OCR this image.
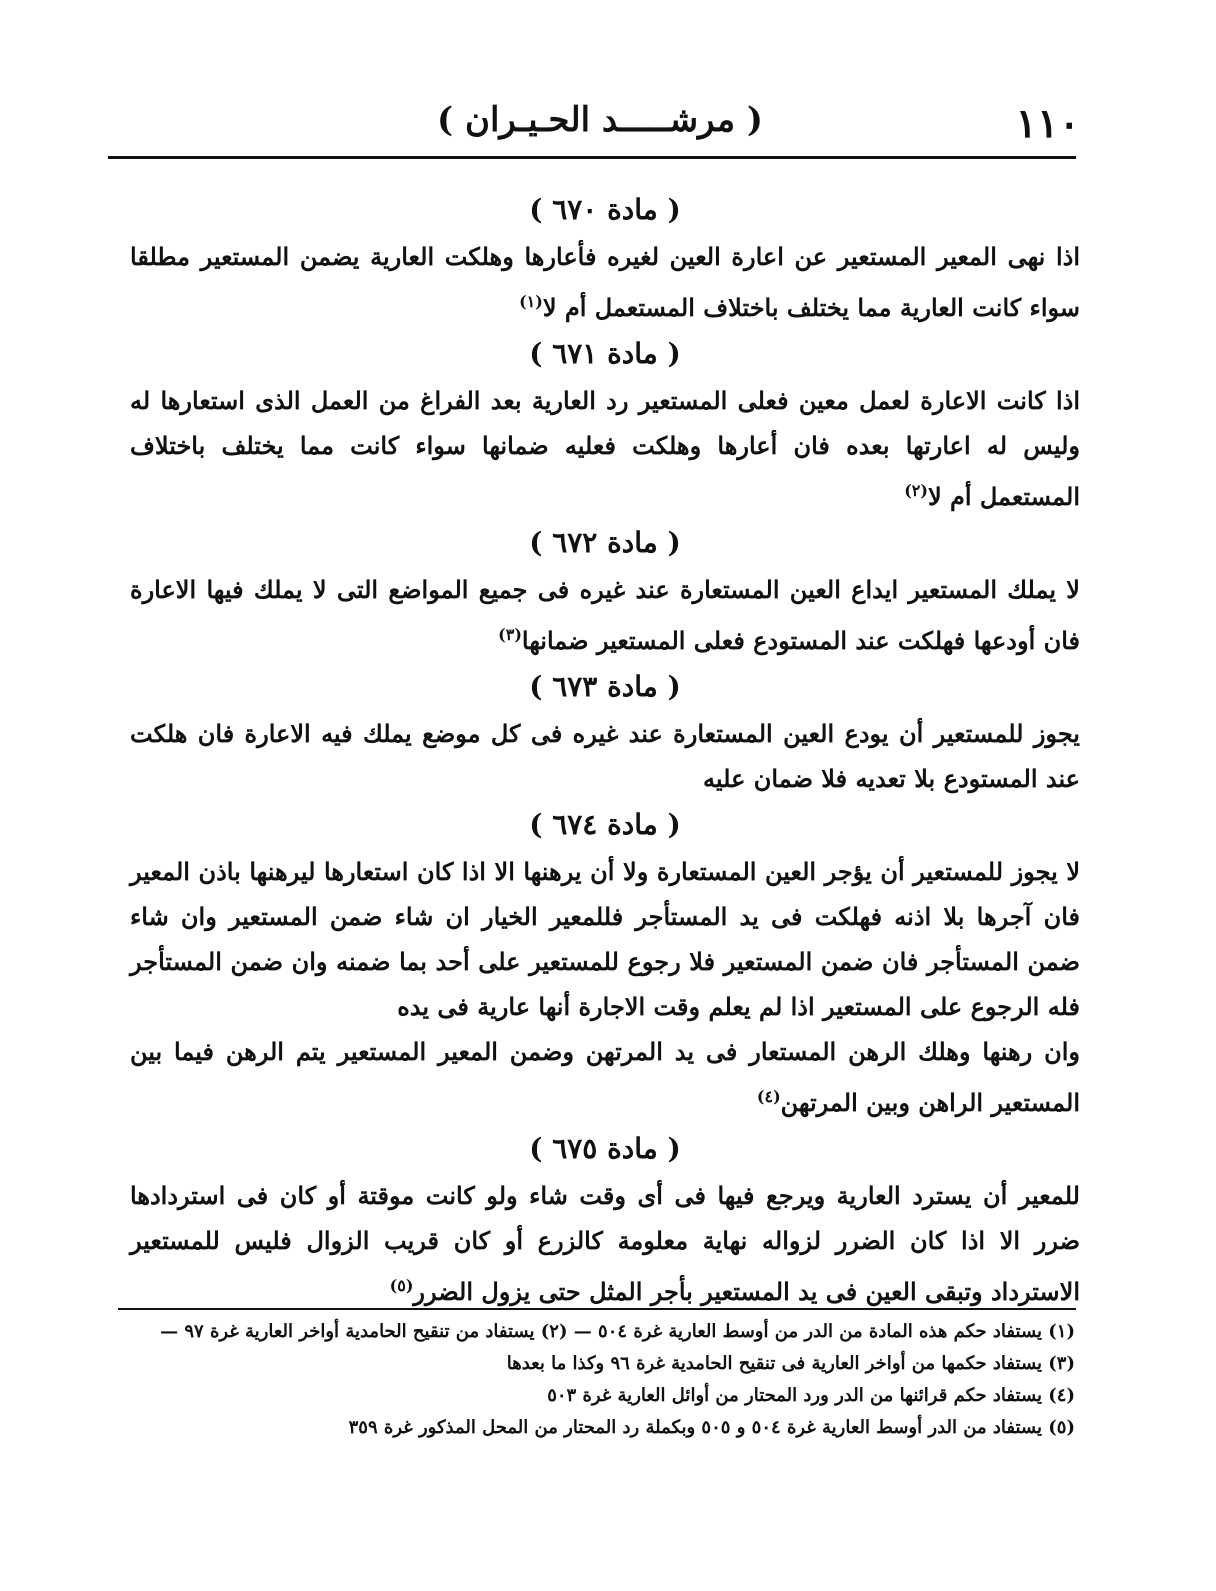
١١٠
( مرشـــــد الحـيـران )

( مادة ٦٧٠ )

اذا نهى المعير المستعير عن اعارة العين لغيره فأعارها وهلكت العارية يضمن المستعير مطلقا سواء كانت العارية مما يختلف باختلاف المستعمل أم لا$^{(١)}$

( مادة ٦٧١ )

اذا كانت الاعارة لعمل معين فعلى المستعير رد العارية بعد الفراغ من العمل الذى استعارها له وليس له اعارتها بعده فان أعارها وهلكت فعليه ضمانها سواء كانت مما يختلف باختلاف المستعمل أم لا$^{(٢)}$

( مادة ٦٧٢ )

لا يملك المستعير ايداع العين المستعارة عند غيره فى جميع المواضع التى لا يملك فيها الاعارة فان أودعها فهلكت عند المستودع فعلى المستعير ضمانها$^{(٣)}$

( مادة ٦٧٣ )

يجوز للمستعير أن يودع العين المستعارة عند غيره فى كل موضع يملك فيه الاعارة فان هلكت عند المستودع بلا تعديه فلا ضمان عليه

( مادة ٦٧٤ )

لا يجوز للمستعير أن يؤجر العين المستعارة ولا أن يرهنها الا اذا كان استعارها ليرهنها باذن المعير فان آجرها بلا اذنه فهلكت فى يد المستأجر فللمعير الخيار ان شاء ضمن المستعير وان شاء ضمن المستأجر فان ضمن المستعير فلا رجوع للمستعير على أحد بما ضمنه وان ضمن المستأجر فله الرجوع على المستعير اذا لم يعلم وقت الاجارة أنها عارية فى يده

وان رهنها وهلك الرهن المستعار فى يد المرتهن وضمن المعير المستعير يتم الرهن فيما بين المستعير الراهن وبين المرتهن$^{(٤)}$

( مادة ٦٧٥ )

للمعير أن يسترد العارية ويرجع فيها فى أى وقت شاء ولو كانت موقتة أو كان فى استردادها ضرر الا اذا كان الضرر لزواله نهاية معلومة كالزرع أو كان قريب الزوال فليس للمستعير الاسترداد وتبقى العين فى يد المستعير بأجر المثل حتى يزول الضرر$^{(٥)}$

(١) يستفاد حكم هذه المادة من الدر من أوسط العارية غرة ٥٠٤ — (٢) يستفاد من تنقيح الحامدية أواخر العارية غرة ٩٧ — (٣) يستفاد حكمها من أواخر العارية فى تنقيح الحامدية غرة ٩٦ وكذا ما بعدها

(٤) يستفاد حكم قرائنها من الدر ورد المحتار من أوائل العارية غرة ٥٠٣

(٥) يستفاد من الدر أوسط العارية غرة ٥٠٤ و ٥٠٥ وبكملة رد المحتار من المحل المذكور غرة ٣٥٩
